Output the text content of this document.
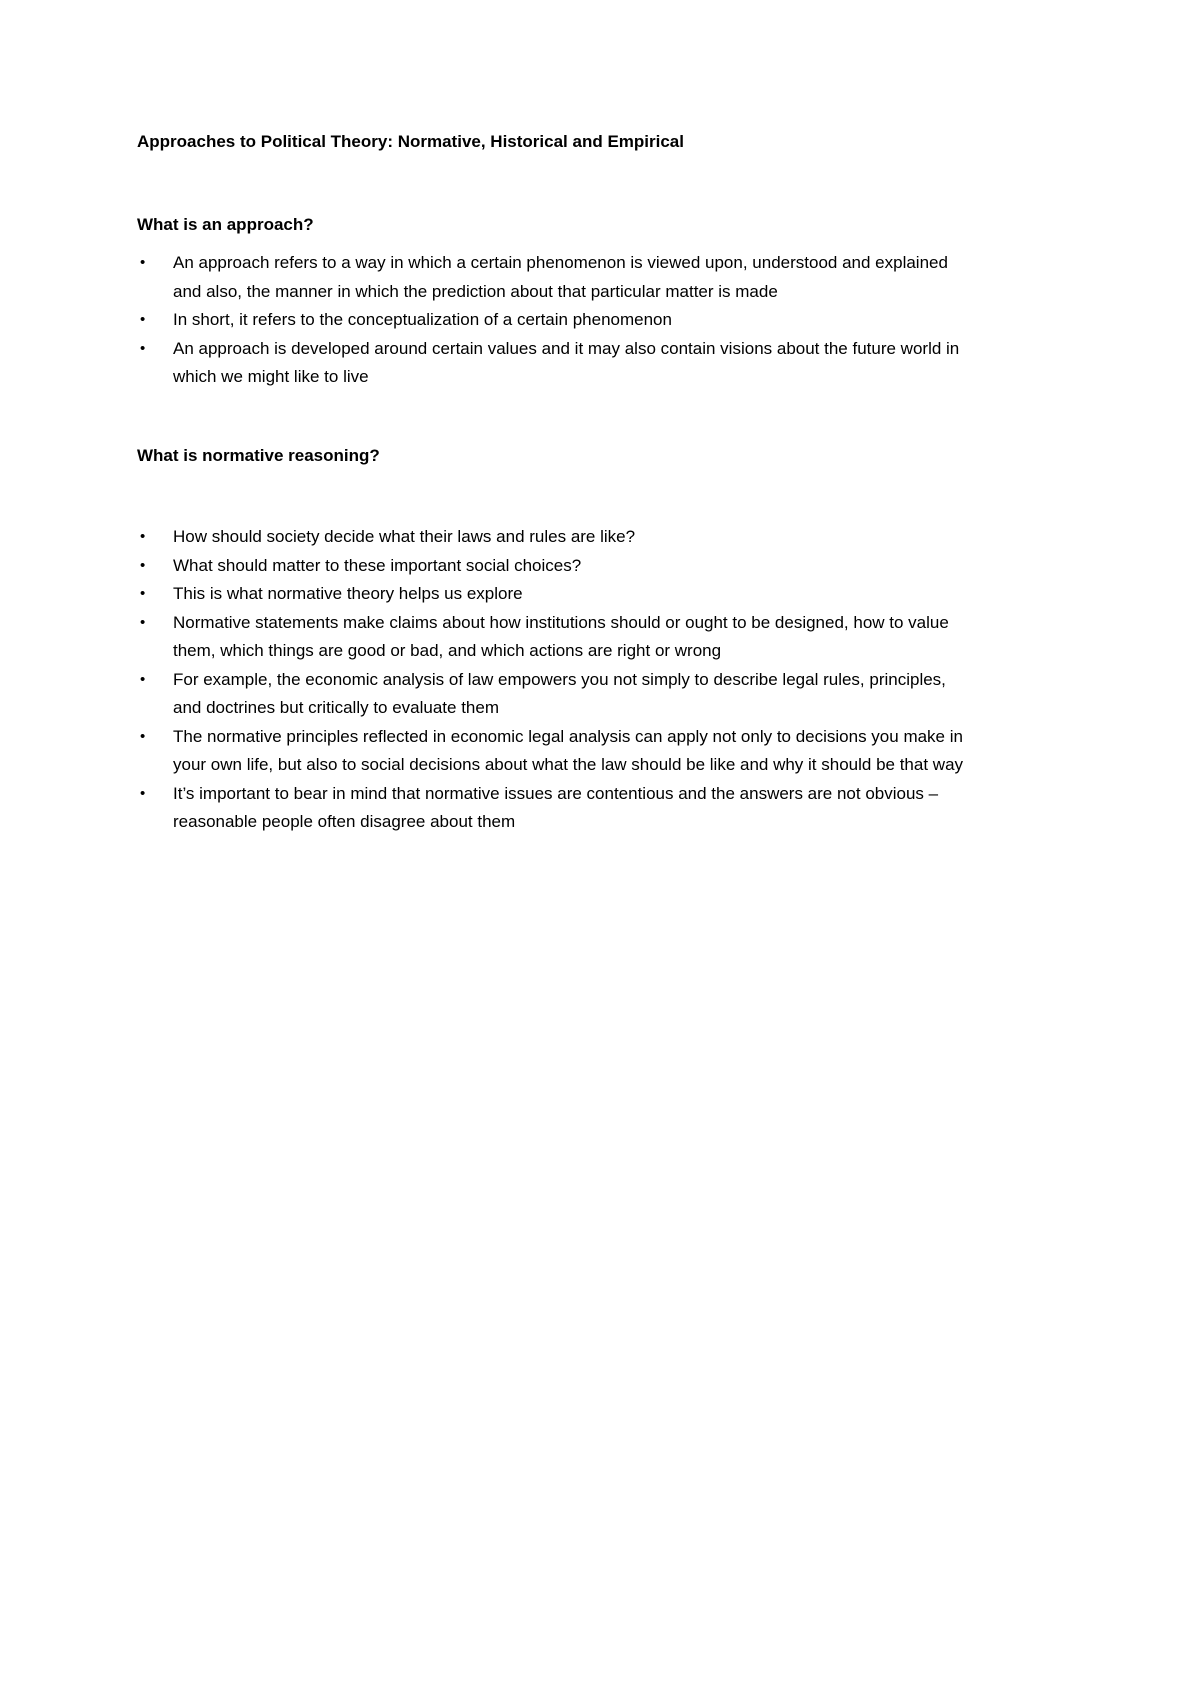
Approaches to Political Theory: Normative, Historical and Empirical
What is an approach?
• An approach refers to a way in which a certain phenomenon is viewed upon, understood and explained and also, the manner in which the prediction about that particular matter is made
• In short, it refers to the conceptualization of a certain phenomenon
• An approach is developed around certain values and it may also contain visions about the future world in which we might like to live
What is normative reasoning?
• How should society decide what their laws and rules are like?
• What should matter to these important social choices?
• This is what normative theory helps us explore
• Normative statements make claims about how institutions should or ought to be designed, how to value them, which things are good or bad, and which actions are right or wrong
• For example, the economic analysis of law empowers you not simply to describe legal rules, principles, and doctrines but critically to evaluate them
• The normative principles reflected in economic legal analysis can apply not only to decisions you make in your own life, but also to social decisions about what the law should be like and why it should be that way
• It’s important to bear in mind that normative issues are contentious and the answers are not obvious – reasonable people often disagree about them
